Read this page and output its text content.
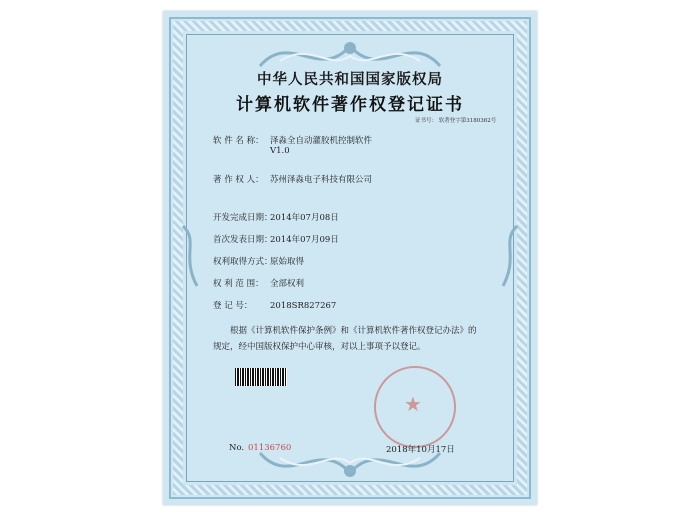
中华人民共和国国家版权局
计算机软件著作权登记证书
证书号： 软著登字第3180362号
软 件 名 称： 泽淼全自动灌胶机控制软件
V1.0
著 作 权 人： 苏州泽淼电子科技有限公司
开发完成日期：2014年07月08日
首次发表日期：2014年07月09日
权利取得方式：原始取得
权 利 范 围： 全部权利
登 记 号： 2018SR827267
根据《计算机软件保护条例》和《计算机软件著作权登记办法》的
规定，经中国版权保护中心审核，对以上事项予以登记。
★
No. 01136760	2018年10月17日
